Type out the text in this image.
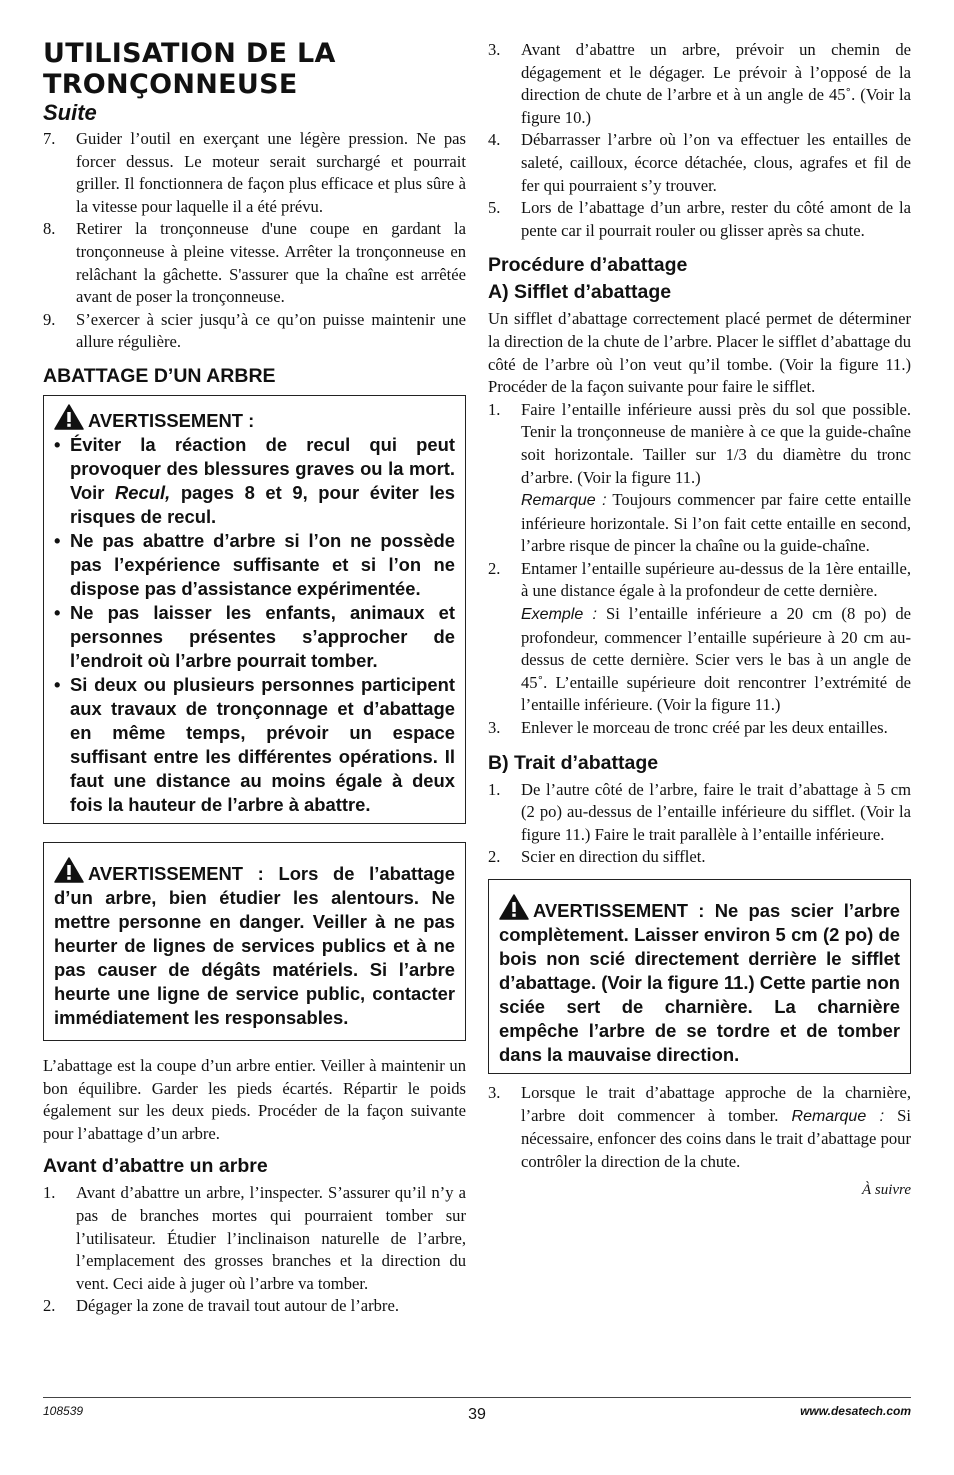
UTILISATION DE LA
TRONÇONNEUSE
Suite
7. Guider l’outil en exerçant une légère pression. Ne pas forcer dessus. Le moteur serait surchargé et pourrait griller. Il fonctionnera de façon plus efficace et plus sûre à la vitesse pour laquelle il a été prévu.
8. Retirer la tronçonneuse d'une coupe en gardant la tronçonneuse à pleine vitesse. Arrêter la tronçonneuse en relâchant la gâchette. S'assurer que la chaîne est arrêtée avant de poser la tronçonneuse.
9. S’exercer à scier jusqu’à ce qu’on puisse maintenir une allure régulière.
ABATTAGE D’UN ARBRE
AVERTISSEMENT :
• Éviter la réaction de recul qui peut provoquer des blessures graves ou la mort. Voir Recul, pages 8 et 9, pour éviter les risques de recul.
• Ne pas abattre d’arbre si l’on ne possède pas l’expérience suffisante et si l’on ne dispose pas d’assistance expérimentée.
• Ne pas laisser les enfants, animaux et personnes présentes s’approcher de l’endroit où l’arbre pourrait tomber.
• Si deux ou plusieurs personnes participent aux travaux de tronçonnage et d’abattage en même temps, prévoir un espace suffisant entre les différentes opérations. Il faut une distance au moins égale à deux fois la hauteur de l’arbre à abattre.

AVERTISSEMENT : Lors de l’abattage d’un arbre, bien étudier les alentours. Ne mettre personne en danger. Veiller à ne pas heurter de lignes de services publics et à ne pas causer de dégâts matériels. Si l’arbre heurte une ligne de service public, contacter immédiatement les responsables.

L’abattage est la coupe d’un arbre entier. Veiller à maintenir un bon équilibre. Garder les pieds écartés. Répartir le poids également sur les deux pieds. Procéder de la façon suivante pour l’abattage d’un arbre.

Avant d’abattre un arbre
1. Avant d’abattre un arbre, l’inspecter. S’assurer qu’il n’y a pas de branches mortes qui pourraient tomber sur l’utilisateur. Étudier l’inclinaison naturelle de l’arbre, l’emplacement des grosses branches et la direction du vent. Ceci aide à juger où l’arbre va tomber.
2. Dégager la zone de travail tout autour de l’arbre.
3. Avant d’abattre un arbre, prévoir un chemin de dégagement et le dégager. Le prévoir à l’opposé de la direction de chute de l’arbre et à un angle de 45˚. (Voir la figure 10.)
4. Débarrasser l’arbre où l’on va effectuer les entailles de saleté, cailloux, écorce détachée, clous, agrafes et fil de fer qui pourraient s’y trouver.
5. Lors de l’abattage d’un arbre, rester du côté amont de la pente car il pourrait rouler ou glisser après sa chute.
Procédure d’abattage
A) Sifflet d’abattage

Un sifflet d’abattage correctement placé permet de déterminer la direction de la chute de l’arbre. Placer le sifflet d’abattage du côté de l’arbre où l’on veut qu’il tombe. (Voir la figure 11.) Procéder de la façon suivante pour faire le sifflet.

1. Faire l’entaille inférieure aussi près du sol que possible. Tenir la tronçonneuse de manière à ce que la guide-chaîne soit horizontale. Tailler sur 1/3 du diamètre du tronc d’arbre. (Voir la figure 11.)
Remarque : Toujours commencer par faire cette entaille inférieure horizontale. Si l’on fait cette entaille en second, l’arbre risque de pincer la chaîne ou la guide-chaîne.
2. Entamer l’entaille supérieure au-dessus de la 1ère entaille, à une distance égale à la profondeur de cette dernière.
Exemple : Si l’entaille inférieure a 20 cm (8 po) de profondeur, commencer l’entaille supérieure à 20 cm au-dessus de cette dernière. Scier vers le bas à un angle de 45˚. L’entaille supérieure doit rencontrer l’extrémité de l’entaille inférieure. (Voir la figure 11.)
3. Enlever le morceau de tronc créé par les deux entailles.
B) Trait d’abattage
1. De l’autre côté de l’arbre, faire le trait d’abattage à 5 cm (2 po) au-dessus de l’entaille inférieure du sifflet. (Voir la figure 11.) Faire le trait parallèle à l’entaille inférieure.
2. Scier en direction du sifflet.

AVERTISSEMENT : Ne pas scier l’arbre complètement. Laisser environ 5 cm (2 po) de bois non scié directement derrière le sifflet d’abattage. (Voir la figure 11.) Cette partie non sciée sert de charnière. La charnière empêche l’arbre de se tordre et de tomber dans la mauvaise direction.

3. Lorsque le trait d’abattage approche de la charnière, l’arbre doit commencer à tomber. Remarque : Si nécessaire, enfoncer des coins dans le trait d’abattage pour contrôler la direction de la chute.
À suivre
108539	39	www.desatech.com
